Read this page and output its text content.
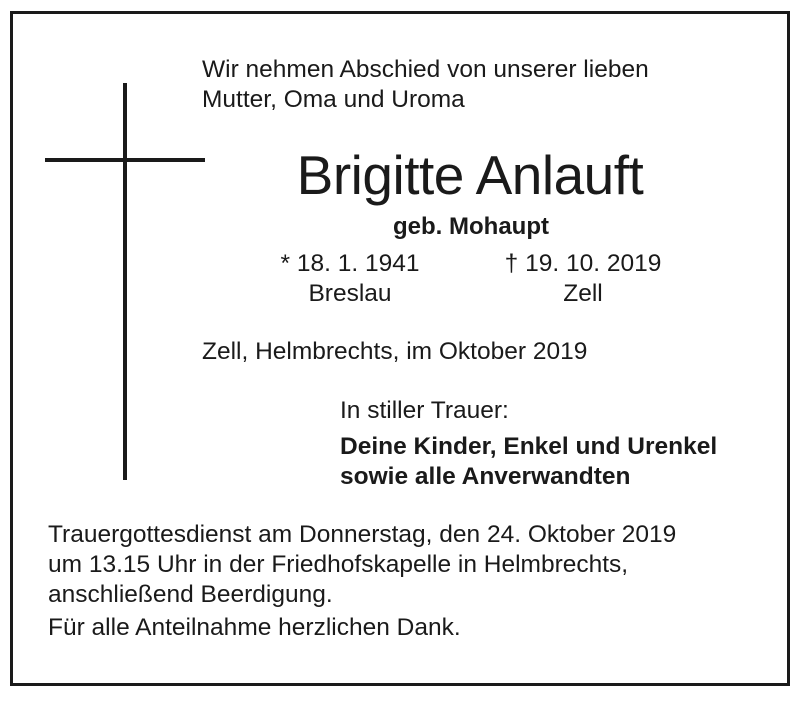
Wir nehmen Abschied von unserer lieben
Mutter, Oma und Uroma
Brigitte Anlauft
geb. Mohaupt
* 18. 1. 1941
Breslau
† 19. 10. 2019
Zell
Zell, Helmbrechts, im Oktober 2019
In stiller Trauer:
Deine Kinder, Enkel und Urenkel
sowie alle Anverwandten
Trauergottesdienst am Donnerstag, den 24. Oktober 2019
um 13.15 Uhr in der Friedhofskapelle in Helmbrechts,
anschließend Beerdigung.
Für alle Anteilnahme herzlichen Dank.
